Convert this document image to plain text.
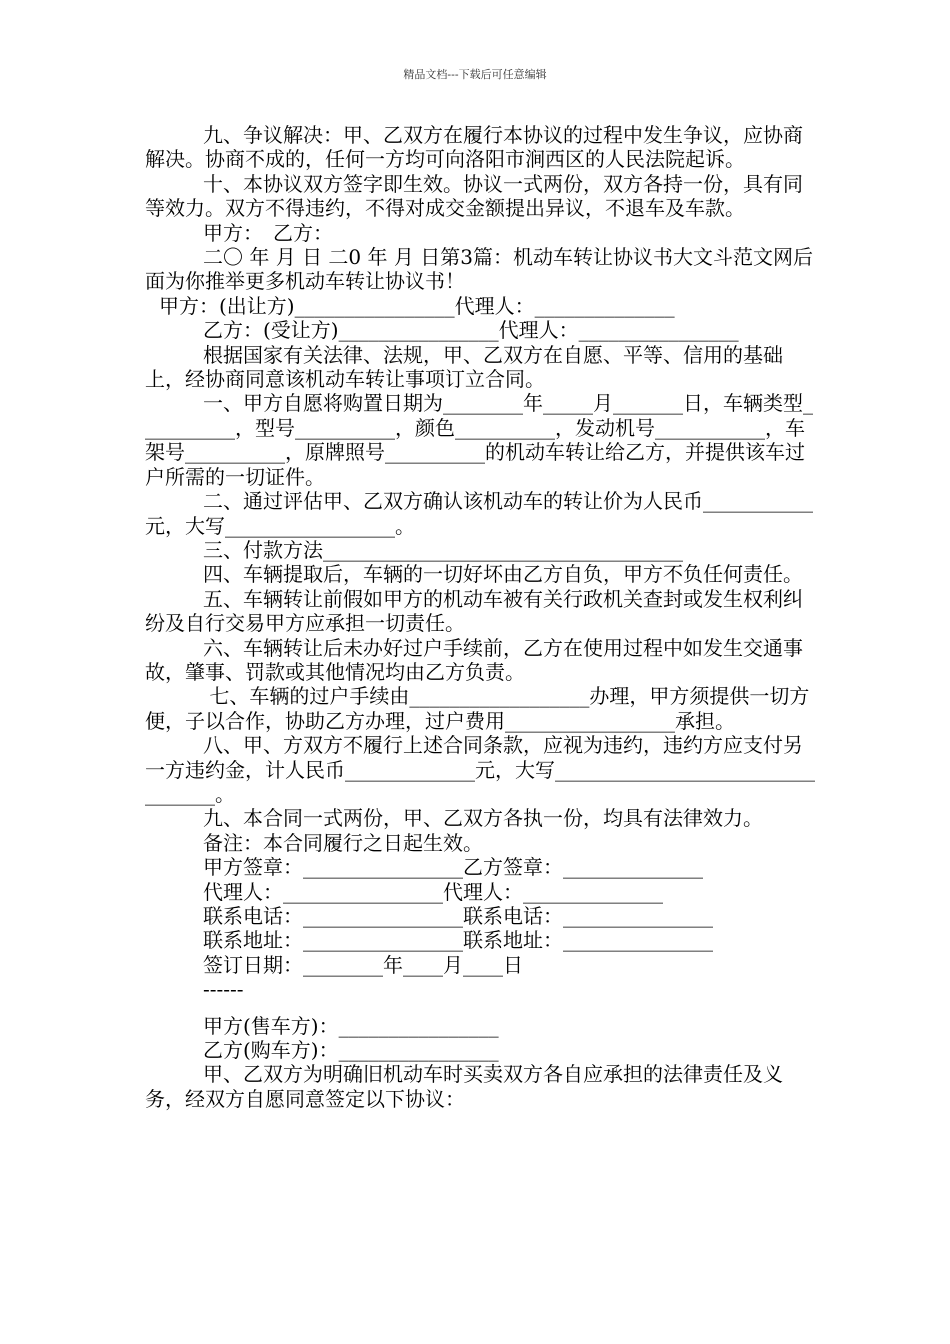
精品文档---下载后可任意编辑

九、争议解决：甲、乙双方在履行本协议的过程中发生争议，应协商解决。协商不成的，任何一方均可向洛阳市涧西区的人民法院起诉。

十、本协议双方签字即生效。协议一式两份，双方各持一份，具有同等效力。双方不得违约，不得对成交金额提出异议，不退车及车款。

甲方：　乙方：

二〇 年 月 日 二0 年 月 日第3篇：机动车转让协议书大文斗范文网后面为你推举更多机动车转让协议书！

甲方：(出让方)________________代理人：______________

乙方：(受让方)________________代理人：________________

根据国家有关法律、法规，甲、乙双方在自愿、平等、信用的基础上，经协商同意该机动车转让事项订立合同。

一、甲方自愿将购置日期为________年_____月_______日，车辆类型__________，型号__________，颜色__________，发动机号___________，车架号__________，原牌照号__________的机动车转让给乙方，并提供该车过户所需的一切证件。

二、通过评估甲、乙双方确认该机动车的转让价为人民币___________元，大写_________________。

三、付款方法____________________________________

四、车辆提取后，车辆的一切好坏由乙方自负，甲方不负任何责任。

五、车辆转让前假如甲方的机动车被有关行政机关查封或发生权利纠纷及自行交易甲方应承担一切责任。

六、车辆转让后未办好过户手续前，乙方在使用过程中如发生交通事故，肇事、罚款或其他情况均由乙方负责。

七、车辆的过户手续由__________________办理，甲方须提供一切方便，子以合作，协助乙方办理，过户费用_________________承担。

八、甲、方双方不履行上述合同条款，应视为违约，违约方应支付另一方违约金，计人民币_____________元，大写_________________________________。

九、本合同一式两份，甲、乙双方各执一份，均具有法律效力。

备注：本合同履行之日起生效。

甲方签章：________________乙方签章：______________

代理人：________________代理人：______________

联系电话：________________联系电话：_______________

联系地址：________________联系地址：_______________

签订日期：________年____月____日

------

甲方(售车方)：________________

乙方(购车方)：________________

甲、乙双方为明确旧机动车时买卖双方各自应承担的法律责任及义务，经双方自愿同意签定以下协议：
